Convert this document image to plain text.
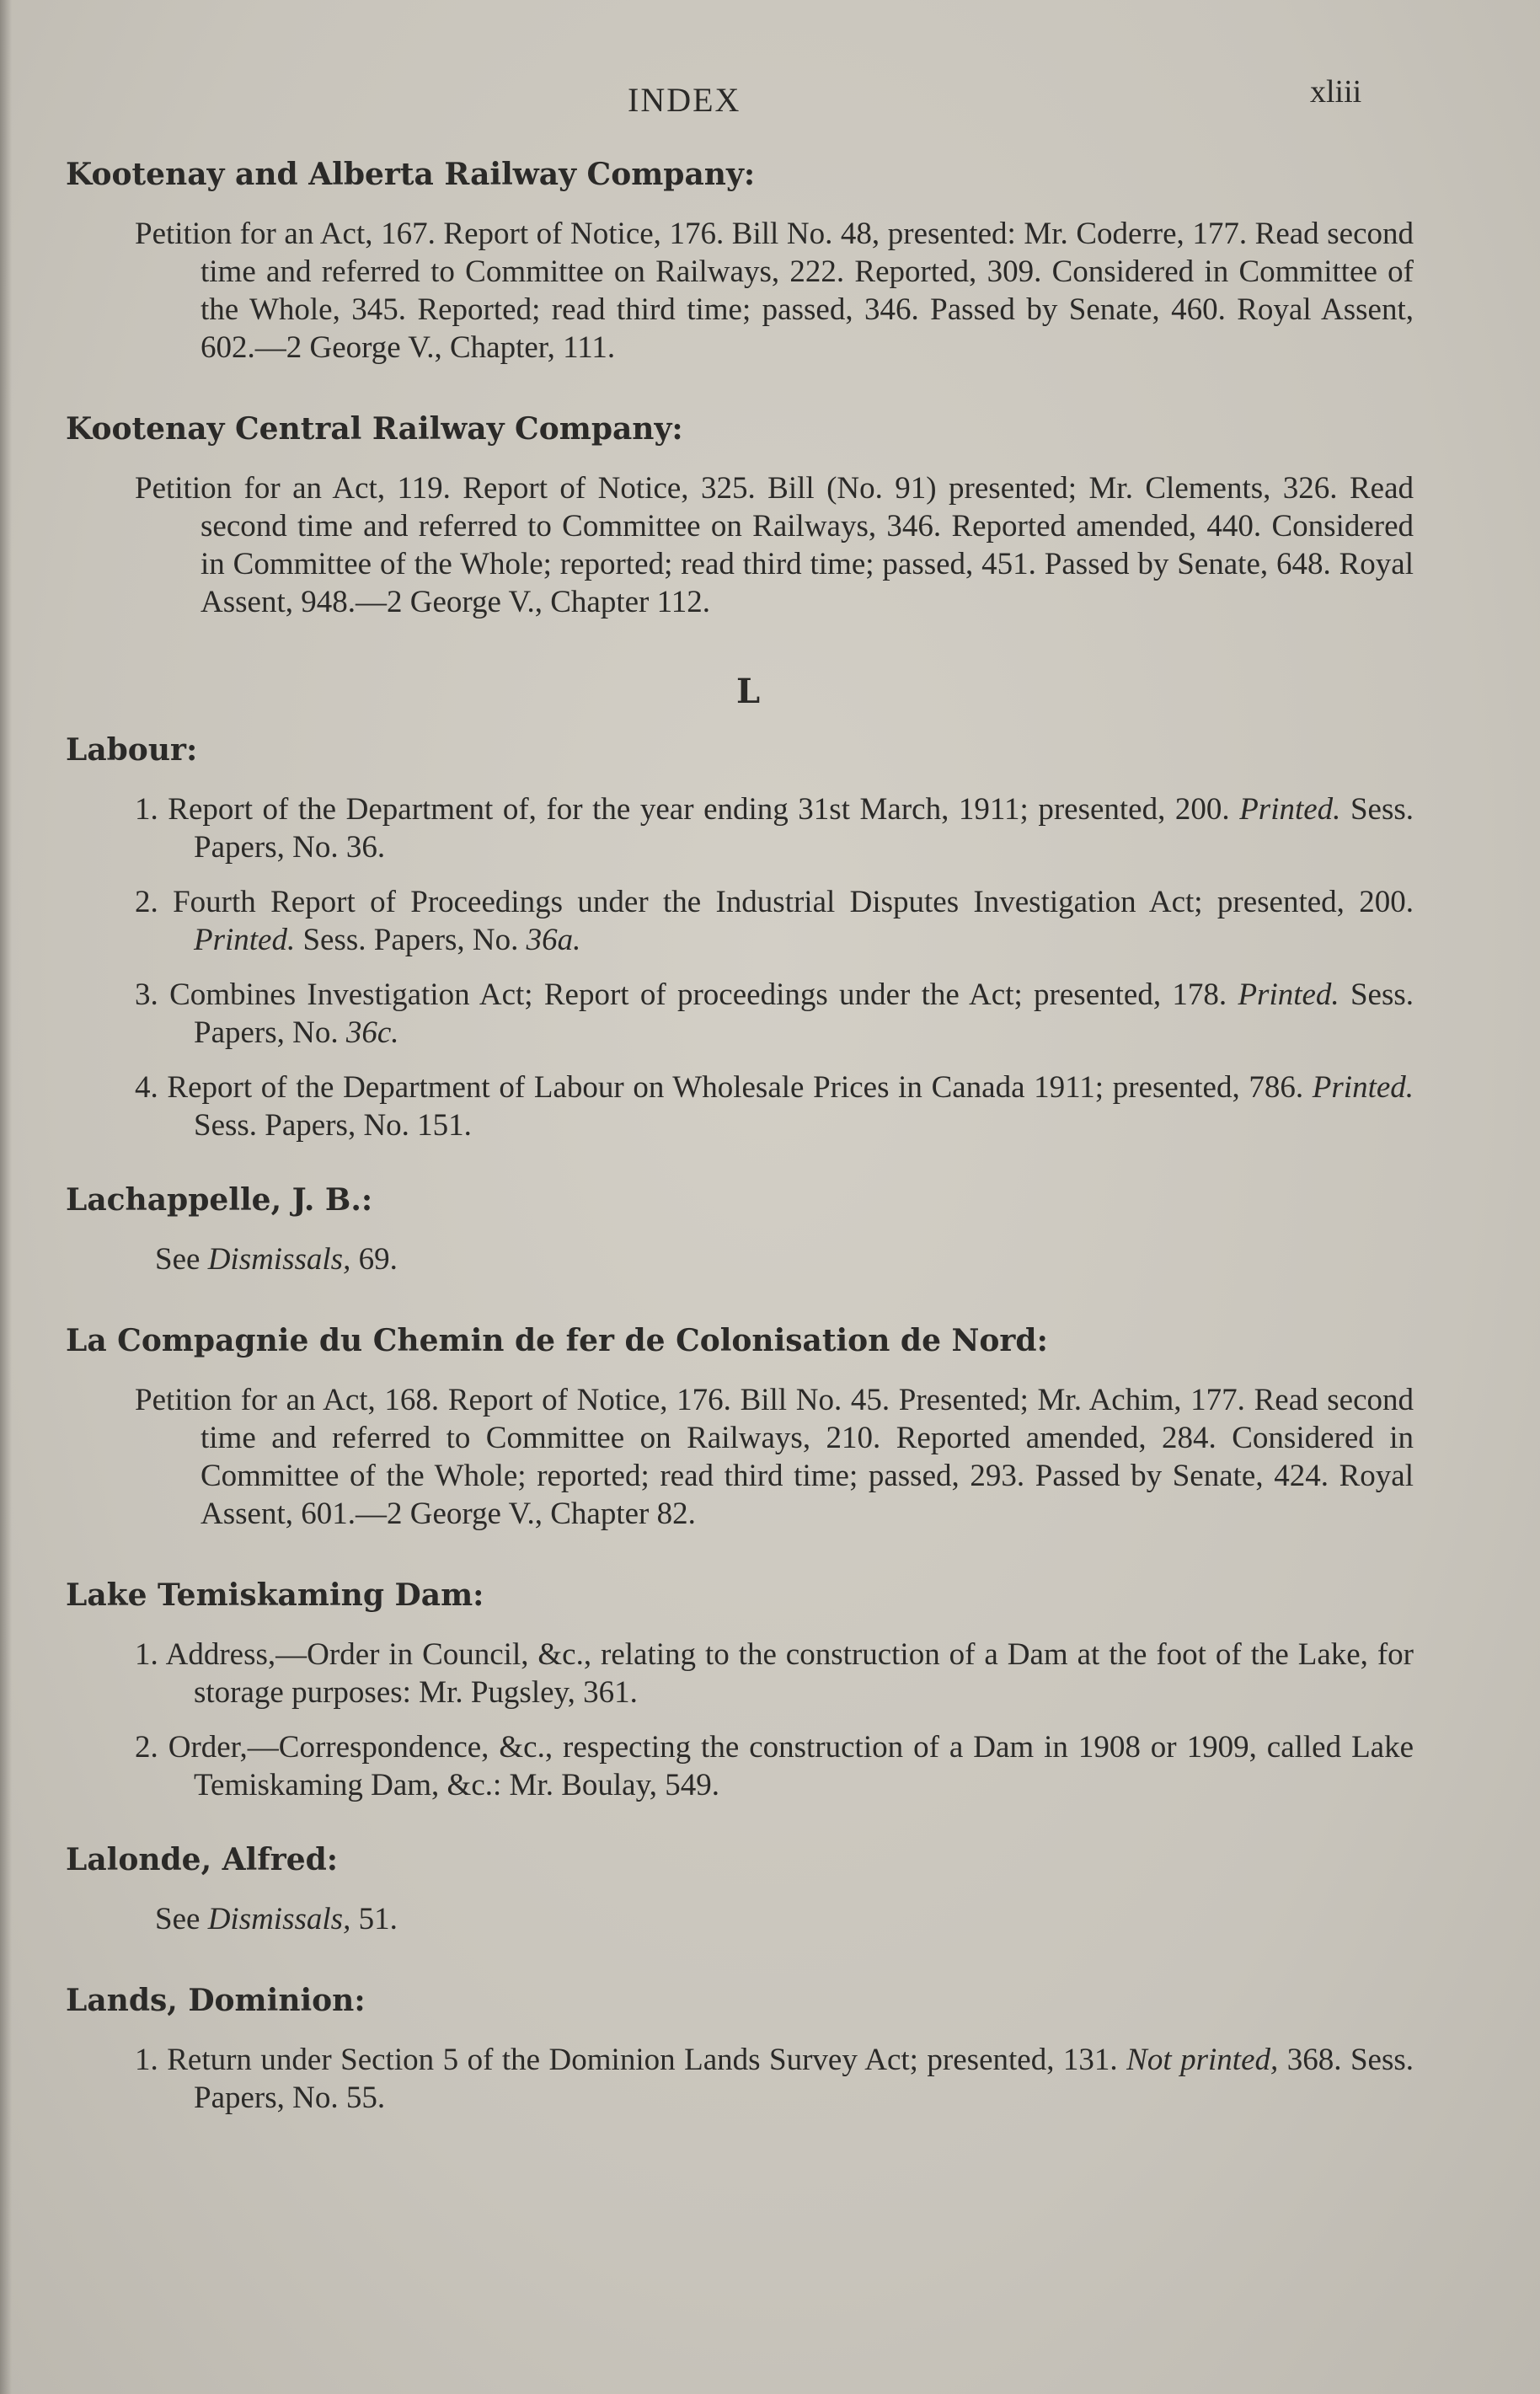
INDEX	xliii

Kootenay and Alberta Railway Company:

Petition for an Act, 167. Report of Notice, 176. Bill No. 48, presented: Mr. Coderre, 177. Read second time and referred to Committee on Railways, 222. Reported, 309. Considered in Committee of the Whole, 345. Reported; read third time; passed, 346. Passed by Senate, 460. Royal Assent, 602.—2 George V., Chapter, 111.

Kootenay Central Railway Company:

Petition for an Act, 119. Report of Notice, 325. Bill (No. 91) presented; Mr. Clements, 326. Read second time and referred to Committee on Railways, 346. Reported amended, 440. Considered in Committee of the Whole; reported; read third time; passed, 451. Passed by Senate, 648. Royal Assent, 948.—2 George V., Chapter 112.

L

Labour:

1. Report of the Department of, for the year ending 31st March, 1911; presented, 200. Printed. Sess. Papers, No. 36.

2. Fourth Report of Proceedings under the Industrial Disputes Investigation Act; presented, 200. Printed. Sess. Papers, No. 36a.

3. Combines Investigation Act; Report of proceedings under the Act; presented, 178. Printed. Sess. Papers, No. 36c.

4. Report of the Department of Labour on Wholesale Prices in Canada 1911; presented, 786. Printed. Sess. Papers, No. 151.

Lachappelle, J. B.:

See Dismissals, 69.

La Compagnie du Chemin de fer de Colonisation de Nord:

Petition for an Act, 168. Report of Notice, 176. Bill No. 45. Presented; Mr. Achim, 177. Read second time and referred to Committee on Railways, 210. Reported amended, 284. Considered in Committee of the Whole; reported; read third time; passed, 293. Passed by Senate, 424. Royal Assent, 601.—2 George V., Chapter 82.

Lake Temiskaming Dam:

1. Address,—Order in Council, &c., relating to the construction of a Dam at the foot of the Lake, for storage purposes: Mr. Pugsley, 361.

2. Order,—Correspondence, &c., respecting the construction of a Dam in 1908 or 1909, called Lake Temiskaming Dam, &c.: Mr. Boulay, 549.

Lalonde, Alfred:

See Dismissals, 51.

Lands, Dominion:

1. Return under Section 5 of the Dominion Lands Survey Act; presented, 131. Not printed, 368. Sess. Papers, No. 55.
